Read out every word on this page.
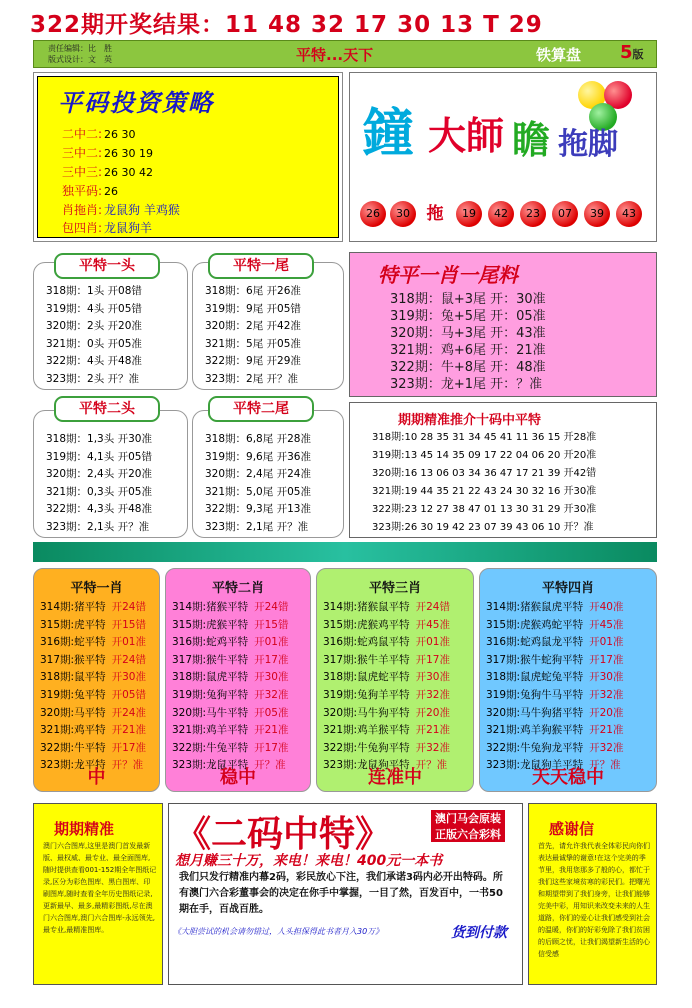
322期开奖结果：11 48 32 17 30 13 T 29
责任编辑：比　胜
版式设计：文　英	平特...天下	铁算盘 5版
平码投资策略
二中二: 26 30
三中二: 26 30 19
三中三: 26 30 42
独平码: 26
肖拖肖: 龙鼠狗 羊鸡猴
包四肖: 龙鼠狗羊
鐘 大師 瞻 拖脚
26	30 拖	19	42	23	07	39	43
318期：1头 开08错
319期：4头 开05错
320期：2头 开20准
321期：0头 开05准
322期：4头 开48准
323期：2头 开？准
平特一头
318期：6尾 开26准
319期：9尾 开05错
320期：2尾 开42准
321期：5尾 开05准
322期：9尾 开29准
323期：2尾 开？准
平特一尾
318期：1,3头 开30准
319期：4,1头 开05错
320期：2,4头 开20准
321期：0,3头 开05准
322期：4,3头 开48准
323期：2,1头 开？准
平特二头
318期：6,8尾 开28准
319期：9,6尾 开36准
320期：2,4尾 开24准
321期：5,0尾 开05准
322期：9,3尾 开13准
323期：2,1尾 开？准
平特二尾
特平一肖一尾料
318期：鼠+3尾 开：30准
319期：兔+5尾 开：05准
320期：马+3尾 开：43准
321期：鸡+6尾 开：21准
322期：牛+8尾 开：48准
323期：龙+1尾 开：？准
期期精准推介十码中平特
318期:10 28 35 31 34 45 41 11 36 15 开28准
319期:13 45 14 35 09 17 22 04 06 20 开20准
320期:16 13 06 03 34 36 47 17 21 39 开42错
321期:19 44 35 21 22 43 24 30 32 16 开30准
322期:23 12 27 38 47 01 13 30 31 29 开30准
323期:26 30 19 42 23 07 39 43 06 10 开？准
平特一肖
314期:猪平特 开24错
315期:虎平特 开15错
316期:蛇平特 开01准
317期:猴平特 开24错
318期:鼠平特 开30准
319期:兔平特 开05错
320期:马平特 开24准
321期:鸡平特 开21准
322期:牛平特 开17准
323期:龙平特 开？准
中
平特二肖
314期:猪猴平特 开24错
315期:虎猴平特 开15错
316期:蛇鸡平特 开01准
317期:猴牛平特 开17准
318期:鼠虎平特 开30准
319期:兔狗平特 开32准
320期:马牛平特 开05准
321期:鸡羊平特 开21准
322期:牛兔平特 开17准
323期:龙鼠平特 开？准
稳中
平特三肖
314期:猪猴鼠平特 开24错
315期:虎猴鸡平特 开45准
316期:蛇鸡鼠平特 开01准
317期:猴牛羊平特 开17准
318期:鼠虎蛇平特 开30准
319期:兔狗羊平特 开32准
320期:马牛狗平特 开20准
321期:鸡羊猴平特 开21准
322期:牛兔狗平特 开32准
323期:龙鼠狗平特 开？准
连准中
平特四肖
314期:猪猴鼠虎平特 开40准
315期:虎猴鸡蛇平特 开45准
316期:蛇鸡鼠龙平特 开01准
317期:猴牛蛇狗平特 开17准
318期:鼠虎蛇兔平特 开30准
319期:兔狗牛马平特 开32准
320期:马牛狗猪平特 开20准
321期:鸡羊狗猴平特 开21准
322期:牛兔狗龙平特 开32准
323期:龙鼠狗羊平特 开？准
天天稳中
期期精准
澳门六合图库,这里是澳门首发最新版、最权威、最专业、最全面图库,随时提供查看001-152期全年图纸记录,区分为彩色图库、黑白图库、印刷图库,随时查看全年历史图纸记录,更新最早、最多,最精彩图纸,尽在澳门六合图库,澳门六合图库-永远领先,最专业,最精准图库。
《二码中特》	澳门马会原装
正版六合彩料
想月赚三十万，来电！来电！400元一本书
我们只发行精准内幕2码，彩民放心下注，我们承诺3码内必开出特码。所有澳门六合彩董事会的决定在你手中掌握，一目了然，百发百中，一书50期在手，百战百胜。
《大胆尝试的机会请勿错过，人头担保得此书者月入30万》	货到付款
感谢信
首先，请允许我代表全体彩民向你们表达最诚挚的谢意!在这个完美的季节里，我用您那多了般的心，都忙于我们这些家境贫寒的彩民们。把曙光和期望带到了我们身旁，让我们能够完美中彩，用知识来改变未来的人生道路，你们的爱心让我们感受到社会的温暖，你们的好彩免除了我们贫困的后顾之忧，让我们渴望新生活的心信受感
